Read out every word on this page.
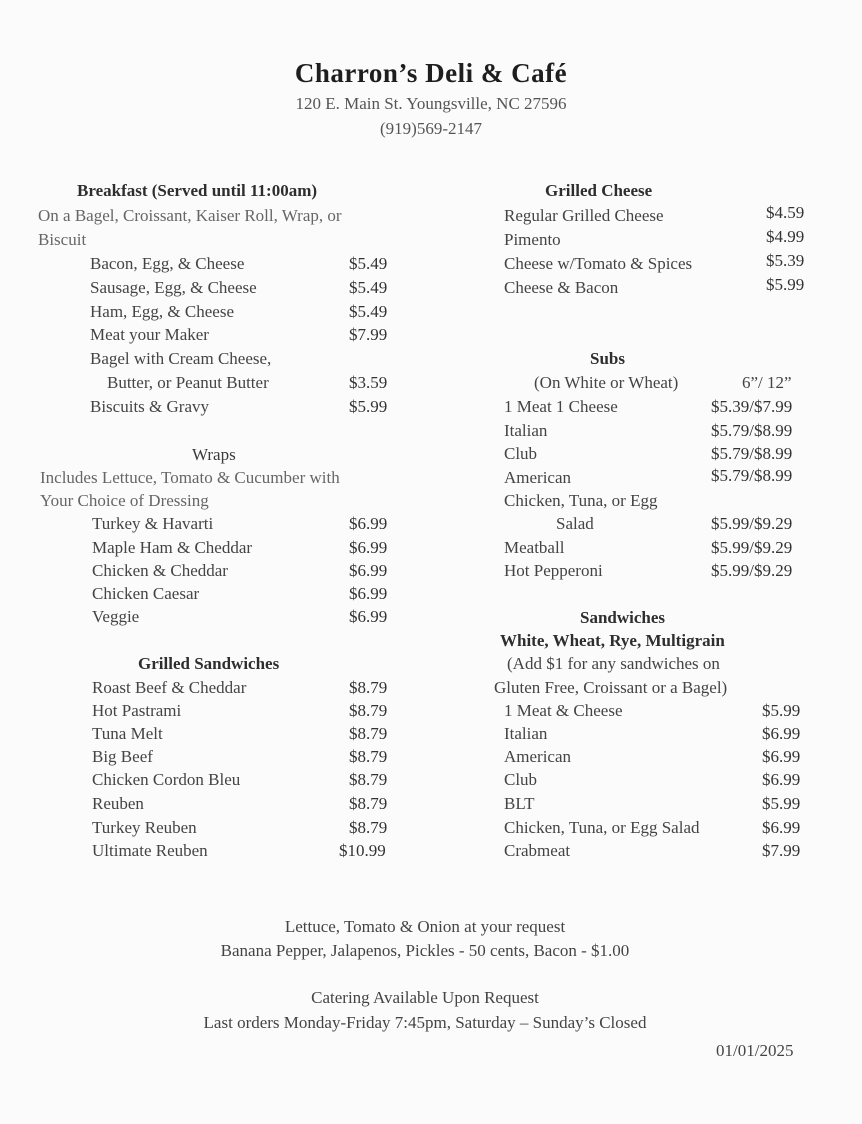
Charron’s Deli & Café
120 E. Main St. Youngsville, NC 27596
(919)569-2147
Breakfast (Served until 11:00am)
On a Bagel, Croissant, Kaiser Roll, Wrap, or
Biscuit
Bacon, Egg, & Cheese	$5.49
Sausage, Egg, & Cheese	$5.49
Ham, Egg, & Cheese	$5.49
Meat your Maker	$7.99
Bagel with Cream Cheese,
Butter, or Peanut Butter	$3.59
Biscuits & Gravy	$5.99
Wraps
Includes Lettuce, Tomato & Cucumber with
Your Choice of Dressing
Turkey & Havarti	$6.99
Maple Ham & Cheddar	$6.99
Chicken & Cheddar	$6.99
Chicken Caesar	$6.99
Veggie	$6.99
Grilled Sandwiches
Roast Beef & Cheddar	$8.79
Hot Pastrami	$8.79
Tuna Melt	$8.79
Big Beef	$8.79
Chicken Cordon Bleu	$8.79
Reuben	$8.79
Turkey Reuben	$8.79
Ultimate Reuben	$10.99
Grilled Cheese
Regular Grilled Cheese	$4.59
Pimento	$4.99
Cheese w/Tomato & Spices	$5.39
Cheese & Bacon	$5.99
Subs
(On White or Wheat)	6”/ 12”
1 Meat 1 Cheese	$5.39/$7.99
Italian	$5.79/$8.99
Club	$5.79/$8.99
American	$5.79/$8.99
Chicken, Tuna, or Egg
Salad	$5.99/$9.29
Meatball	$5.99/$9.29
Hot Pepperoni	$5.99/$9.29
Sandwiches
White, Wheat, Rye, Multigrain
(Add $1 for any sandwiches on
Gluten Free, Croissant or a Bagel)
1 Meat & Cheese	$5.99
Italian	$6.99
American	$6.99
Club	$6.99
BLT	$5.99
Chicken, Tuna, or Egg Salad	$6.99
Crabmeat	$7.99
Lettuce, Tomato & Onion at your request
Banana Pepper, Jalapenos, Pickles - 50 cents, Bacon - $1.00
Catering Available Upon Request
Last orders Monday-Friday 7:45pm, Saturday – Sunday’s Closed
01/01/2025
